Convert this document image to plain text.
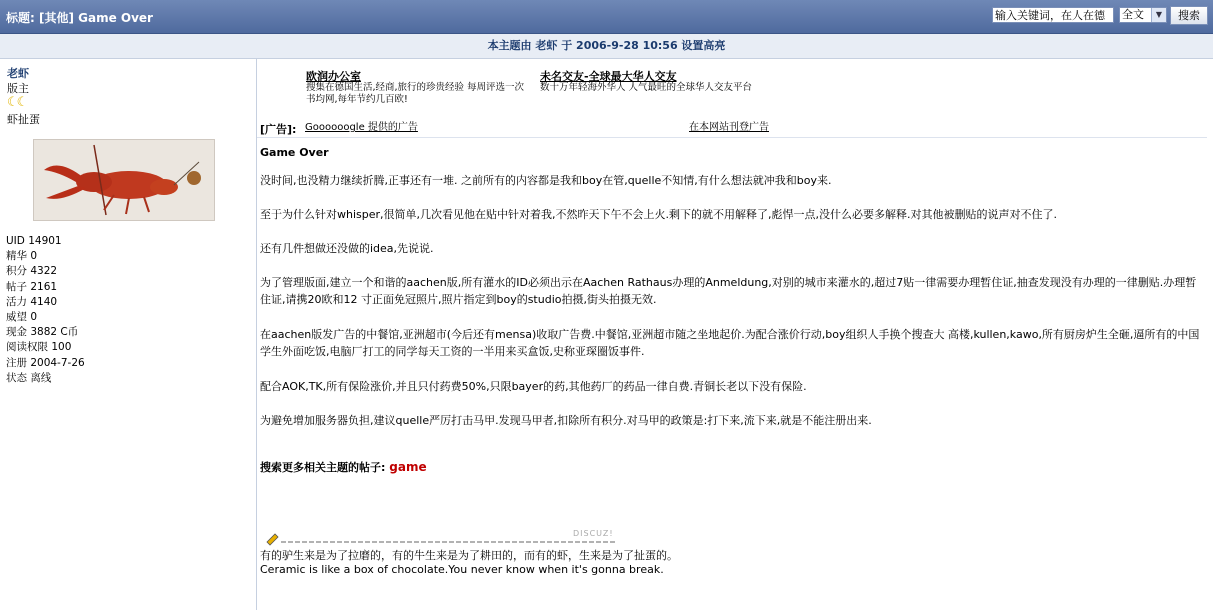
标题: [其他] Game Over	输入关键词，在人在德	全文	▼	搜索
本主题由 老虾 于 2006-9-28 10:56 设置高亮
老虾
版主
☾☾
虾扯蛋
UID 14901
精华 0
积分 4322
帖子 2161
活力 4140
威望 0
现金 3882 C币
阅读权限 100
注册 2004-7-26
状态 离线
欧润办公室
搜集在德国生活,经商,旅行的珍贵经验 每周评选一次书均网,每年节约几百欧!
未名交友-全球最大华人交友
数十万年轻海外华人 人气最旺的全球华人交友平台
[广告]: Goooooogle 提供的广告	在本网站刊登广告
Game Over
没时间,也没精力继续折腾,正事还有一堆. 之前所有的内容都是我和boy在管,quelle不知情,有什么想法就冲我和boy来.
至于为什么针对whisper,很简单,几次看见他在贴中针对着我,不然昨天下午不会上火.剩下的就不用解释了,彪悍一点,没什么必要多解释.对其他被删贴的说声对不住了.
还有几件想做还没做的idea,先说说.
为了管理版面,建立一个和谐的aachen版,所有灌水的ID必须出示在Aachen Rathaus办理的Anmeldung,对别的城市来灌水的,超过7贴一律需要办理暂住证,抽查发现没有办理的一律删贴.办理暂住证,请携20欧和12 寸正面免冠照片,照片指定到boy的studio拍摄,街头拍摄无效.
在aachen版发广告的中餐馆,亚洲超市(今后还有mensa)收取广告费.中餐馆,亚洲超市随之坐地起价.为配合涨价行动,boy组织人手换个搜查大 高楼,kullen,kawo,所有厨房炉生全砸,逼所有的中国学生外面吃饭,电脑厂打工的同学每天工资的一半用来买盒饭,史称亚琛圈饭事件.
配合AOK,TK,所有保险涨价,并且只付药费50%,只限bayer的药,其他药厂的药品一律自费.青铜长老以下没有保险.
为避免增加服务器负担,建议quelle严厉打击马甲.发现马甲者,扣除所有积分.对马甲的政策是:打下来,流下来,就是不能注册出来.
搜索更多相关主题的帖子: game
DISCUZ!
有的驴生来是为了拉磨的，有的牛生来是为了耕田的，而有的虾，生来是为了扯蛋的。
Ceramic is like a box of chocolate.You never know when it's gonna break.
